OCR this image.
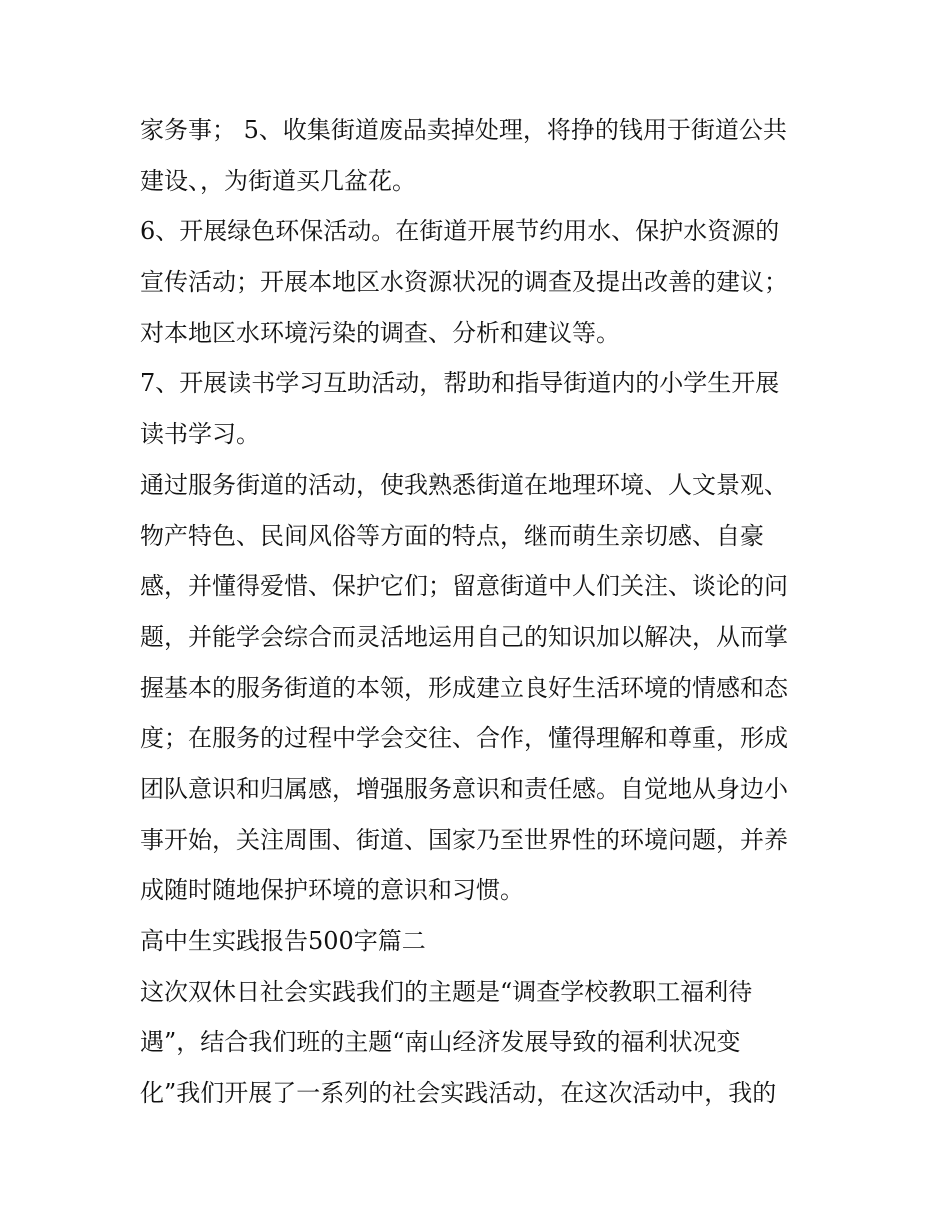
家务事； 5、收集街道废品卖掉处理，将挣的钱用于街道公共
建设、，为街道买几盆花。
6、开展绿色环保活动。在街道开展节约用水、保护水资源的
宣传活动；开展本地区水资源状况的调查及提出改善的建议；
对本地区水环境污染的调查、分析和建议等。
7、开展读书学习互助活动，帮助和指导街道内的小学生开展
读书学习。
通过服务街道的活动，使我熟悉街道在地理环境、人文景观、
物产特色、民间风俗等方面的特点，继而萌生亲切感、自豪
感，并懂得爱惜、保护它们；留意街道中人们关注、谈论的问
题，并能学会综合而灵活地运用自己的知识加以解决，从而掌
握基本的服务街道的本领，形成建立良好生活环境的情感和态
度；在服务的过程中学会交往、合作，懂得理解和尊重，形成
团队意识和归属感，增强服务意识和责任感。自觉地从身边小
事开始，关注周围、街道、国家乃至世界性的环境问题，并养
成随时随地保护环境的意识和习惯。
高中生实践报告500字篇二
这次双休日社会实践我们的主题是“调查学校教职工福利待
遇”，结合我们班的主题“南山经济发展导致的福利状况变
化”我们开展了一系列的社会实践活动，在这次活动中，我的
